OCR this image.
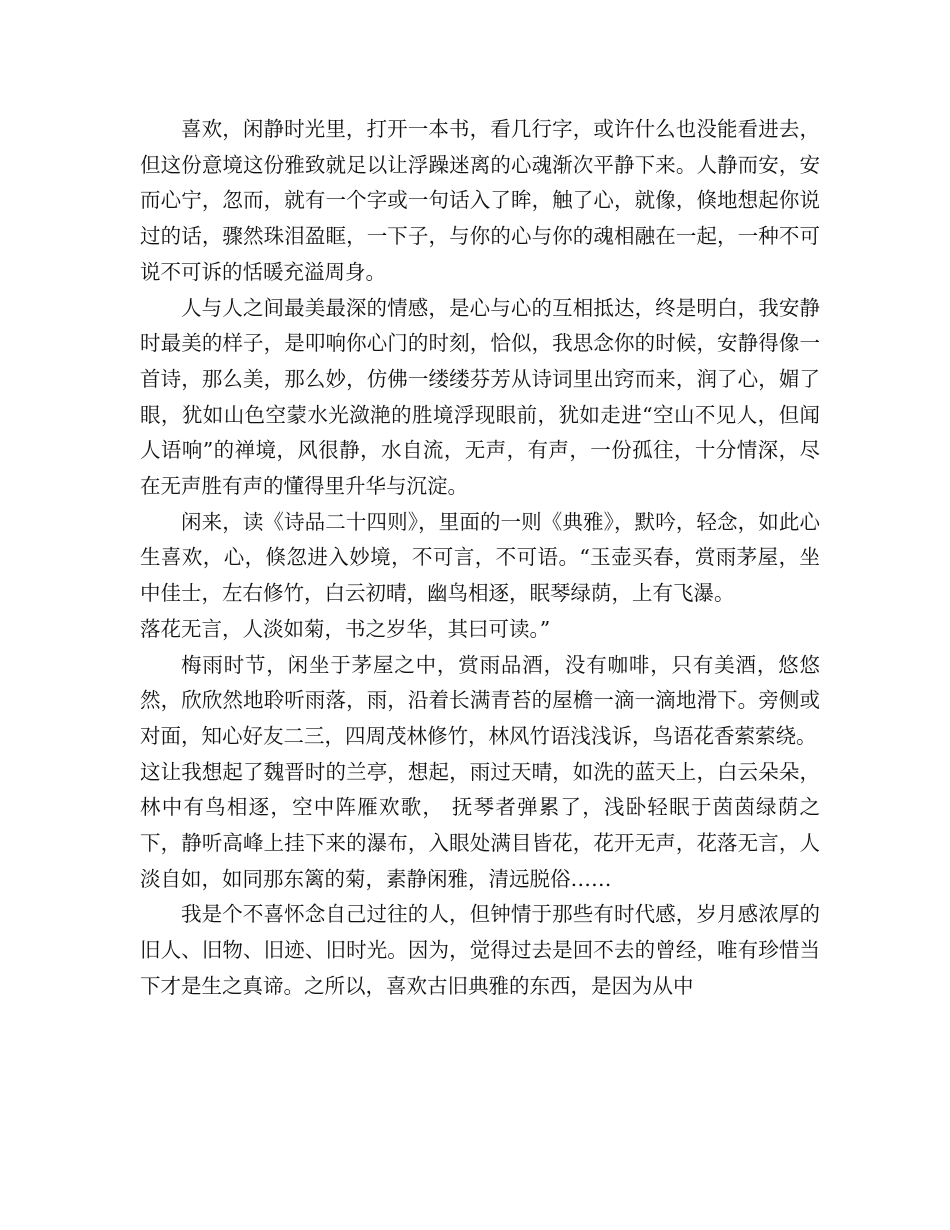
喜欢，闲静时光里，打开一本书，看几行字，或许什么也没能看进去，但这份意境这份雅致就足以让浮躁迷离的心魂渐次平静下来。人静而安，安而心宁，忽而，就有一个字或一句话入了眸，触了心，就像，倏地想起你说过的话，骤然珠泪盈眶，一下子，与你的心与你的魂相融在一起，一种不可说不可诉的恬暖充溢周身。

人与人之间最美最深的情感，是心与心的互相抵达，终是明白，我安静时最美的样子，是叩响你心门的时刻，恰似，我思念你的时候，安静得像一首诗，那么美，那么妙，仿佛一缕缕芬芳从诗词里出窍而来，润了心，媚了眼，犹如山色空蒙水光潋滟的胜境浮现眼前，犹如走进“空山不见人，但闻人语响”的禅境，风很静，水自流，无声，有声，一份孤往，十分情深，尽在无声胜有声的懂得里升华与沉淀。

闲来，读《诗品二十四则》，里面的一则《典雅》，默吟，轻念，如此心生喜欢，心，倏忽进入妙境，不可言，不可语。“玉壶买春，赏雨茅屋，坐中佳士，左右修竹，白云初晴，幽鸟相逐，眠琴绿荫，上有飞瀑。

落花无言，人淡如菊，书之岁华，其曰可读。”

梅雨时节，闲坐于茅屋之中，赏雨品酒，没有咖啡，只有美酒，悠悠然，欣欣然地聆听雨落，雨，沿着长满青苔的屋檐一滴一滴地滑下。旁侧或对面，知心好友二三，四周茂林修竹，林风竹语浅浅诉，鸟语花香萦萦绕。

这让我想起了魏晋时的兰亭，想起，雨过天晴，如洗的蓝天上，白云朵朵，林中有鸟相逐，空中阵雁欢歌， 抚琴者弹累了，浅卧轻眠于茵茵绿荫之下，静听高峰上挂下来的瀑布，入眼处满目皆花，花开无声，花落无言，人淡自如，如同那东篱的菊，素静闲雅，清远脱俗……

我是个不喜怀念自己过往的人，但钟情于那些有时代感，岁月感浓厚的旧人、旧物、旧迹、旧时光。因为，觉得过去是回不去的曾经，唯有珍惜当下才是生之真谛。之所以，喜欢古旧典雅的东西，是因为从中
